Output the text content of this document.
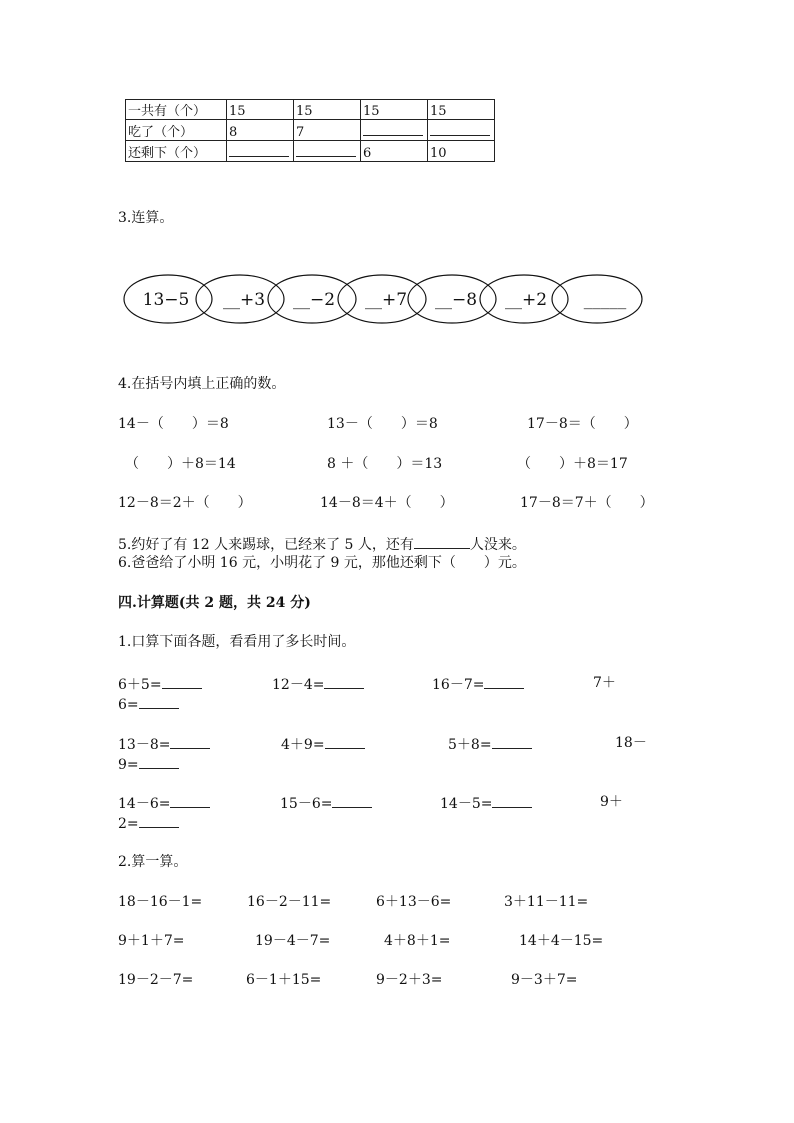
一共有（个）	15	15	15	15
吃了（个）	8	7		
还剩下（个）			6	10
3.连算。
13−5 __+3 __−2 __+7 __−8 __+2 _____
4.在括号内填上正确的数。
14－（　　）＝8	13－（　　）＝8	17－8＝（　　）
（　　）＋8＝14	8 ＋（　　）＝13	（　　）＋8＝17
12－8＝2＋（　　）	14－8＝4＋（　　）	17－8＝7＋（　　）
5.约好了有 12 人来踢球，已经来了 5 人，还有	人没来。
6.爸爸给了小明 16 元，小明花了 9 元，那他还剩下（　　）元。
四.计算题(共 2 题，共 24 分)
1.口算下面各题，看看用了多长时间。
6＋5=	12－4=	16－7=	7＋
6=
13－8=	4＋9=	5＋8=	18－
9=
14－6=	15－6=	14－5=	9＋
2=
2.算一算。
18－16－1=	16－2－11=	6＋13－6=	3＋11－11=
9＋1＋7=	19－4－7=	4＋8＋1=	14＋4－15=
19－2－7=	6－1＋15=	9－2＋3=	9－3＋7=
